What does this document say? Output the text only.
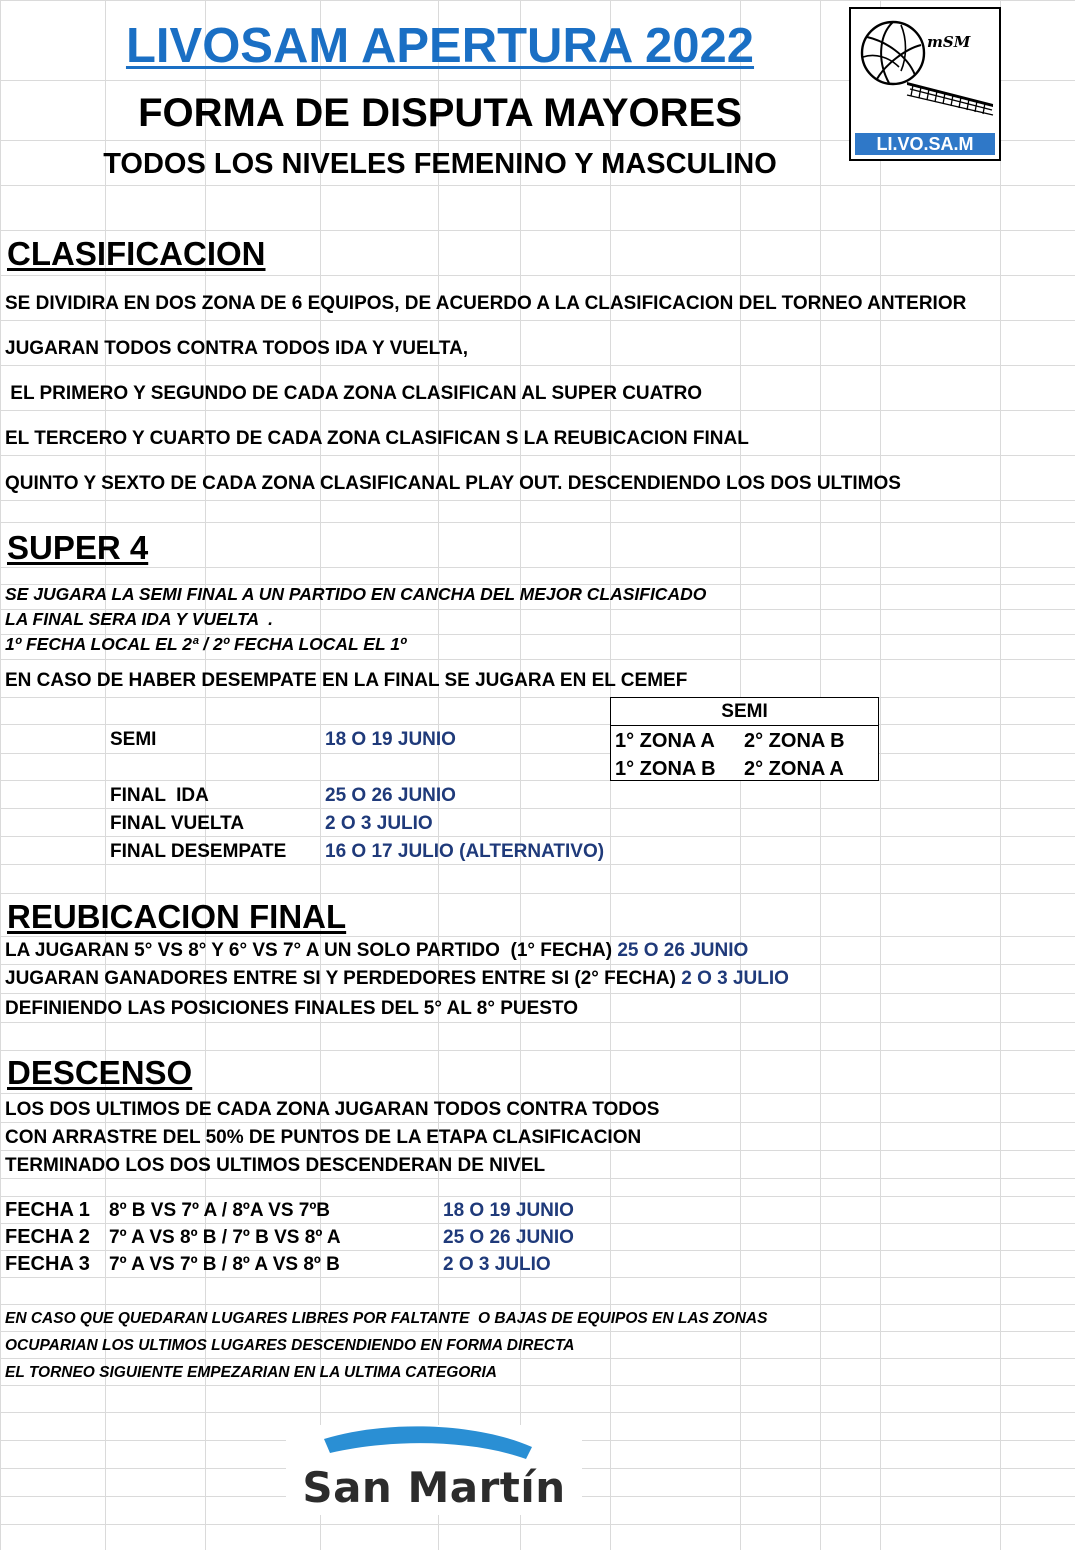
LIVOSAM APERTURA 2022
FORMA DE DISPUTA MAYORES
TODOS LOS NIVELES FEMENINO Y MASCULINO
mSM
LI.VO.SA.M
CLASIFICACION
SE DIVIDIRA EN DOS ZONA DE 6 EQUIPOS, DE ACUERDO A LA CLASIFICACION DEL TORNEO ANTERIOR
JUGARAN TODOS CONTRA TODOS IDA Y VUELTA,
EL PRIMERO Y SEGUNDO DE CADA ZONA CLASIFICAN AL SUPER CUATRO
EL TERCERO Y CUARTO DE CADA ZONA CLASIFICAN S LA REUBICACION FINAL
QUINTO Y SEXTO DE CADA ZONA CLASIFICANAL PLAY OUT. DESCENDIENDO LOS DOS ULTIMOS
SUPER 4
SE JUGARA LA SEMI FINAL A UN PARTIDO EN CANCHA DEL MEJOR CLASIFICADO
LA FINAL SERA IDA Y VUELTA  .
1º FECHA LOCAL EL 2ª / 2º FECHA LOCAL EL 1º
EN CASO DE HABER DESEMPATE EN LA FINAL SE JUGARA EN EL CEMEF
SEMI	18 O 19 JUNIO
FINAL  IDA	25 O 26 JUNIO
FINAL VUELTA	2 O 3 JULIO
FINAL DESEMPATE 16 O 17 JULIO (ALTERNATIVO)
SEMI
1° ZONA A 2° ZONA B
1° ZONA B 2° ZONA A
REUBICACION FINAL
LA JUGARAN 5° VS 8° Y 6° VS 7° A UN SOLO PARTIDO  (1° FECHA) 25 O 26 JUNIO
JUGARAN GANADORES ENTRE SI Y PERDEDORES ENTRE SI (2° FECHA) 2 O 3 JULIO
DEFINIENDO LAS POSICIONES FINALES DEL 5° AL 8° PUESTO
DESCENSO
LOS DOS ULTIMOS DE CADA ZONA JUGARAN TODOS CONTRA TODOS
CON ARRASTRE DEL 50% DE PUNTOS DE LA ETAPA CLASIFICACION
TERMINADO LOS DOS ULTIMOS DESCENDERAN DE NIVEL
FECHA 1 8º B VS 7º A / 8ºA VS 7ºB	18 O 19 JUNIO
FECHA 2 7º A VS 8º B / 7º B VS 8º A	25 O 26 JUNIO
FECHA 3 7º A VS 7º B / 8º A VS 8º B	2 O 3 JULIO
EN CASO QUE QUEDARAN LUGARES LIBRES POR FALTANTE  O BAJAS DE EQUIPOS EN LAS ZONAS
OCUPARIAN LOS ULTIMOS LUGARES DESCENDIENDO EN FORMA DIRECTA
EL TORNEO SIGUIENTE EMPEZARIAN EN LA ULTIMA CATEGORIA
San Martín
